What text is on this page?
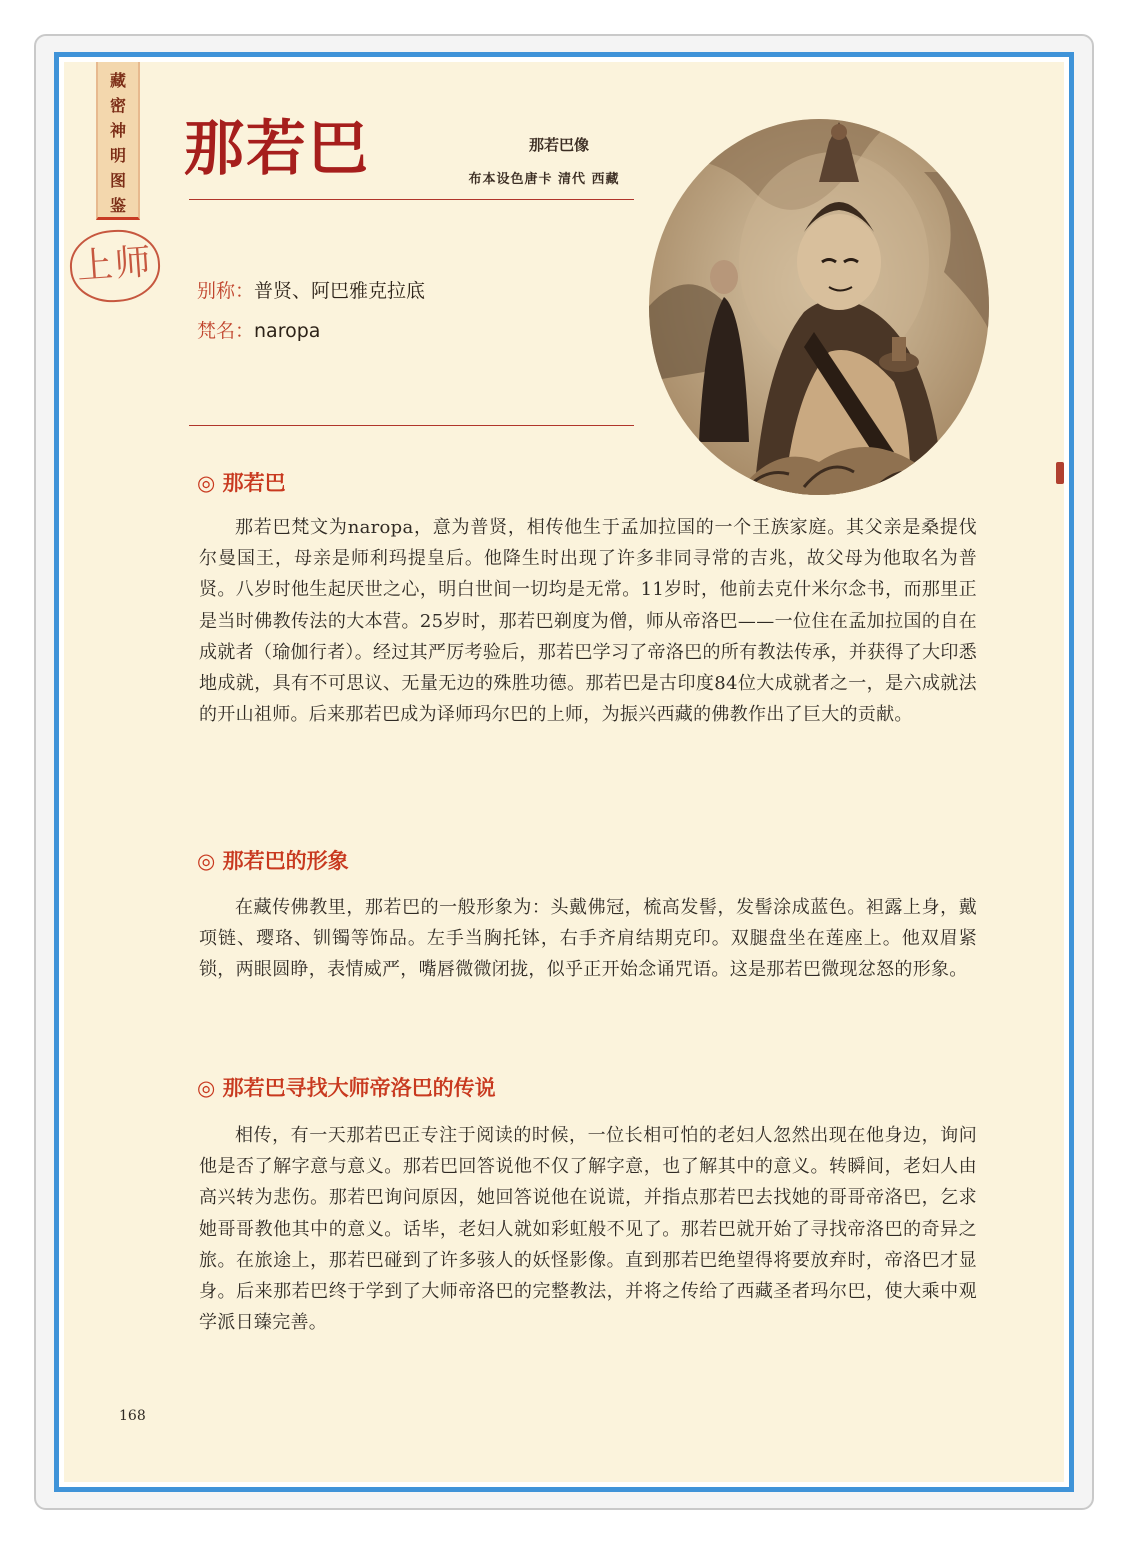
藏密神明图鉴
上师
那若巴	那若巴像
布本设色唐卡 清代 西藏
别称：普贤、阿巴雅克拉底
梵名：naropa
◎ 那若巴

那若巴梵文为naropa，意为普贤，相传他生于孟加拉国的一个王族家庭。其父亲是桑提伐尔曼国王，母亲是师利玛提皇后。他降生时出现了许多非同寻常的吉兆，故父母为他取名为普贤。八岁时他生起厌世之心，明白世间一切均是无常。11岁时，他前去克什米尔念书，而那里正是当时佛教传法的大本营。25岁时，那若巴剃度为僧，师从帝洛巴——一位住在孟加拉国的自在成就者（瑜伽行者）。经过其严厉考验后，那若巴学习了帝洛巴的所有教法传承，并获得了大印悉地成就，具有不可思议、无量无边的殊胜功德。那若巴是古印度84位大成就者之一，是六成就法的开山祖师。后来那若巴成为译师玛尔巴的上师，为振兴西藏的佛教作出了巨大的贡献。

◎ 那若巴的形象

在藏传佛教里，那若巴的一般形象为：头戴佛冠，梳高发髻，发髻涂成蓝色。袒露上身，戴项链、璎珞、钏镯等饰品。左手当胸托钵，右手齐肩结期克印。双腿盘坐在莲座上。他双眉紧锁，两眼圆睁，表情威严，嘴唇微微闭拢，似乎正开始念诵咒语。这是那若巴微现忿怒的形象。

◎ 那若巴寻找大师帝洛巴的传说

相传，有一天那若巴正专注于阅读的时候，一位长相可怕的老妇人忽然出现在他身边，询问他是否了解字意与意义。那若巴回答说他不仅了解字意，也了解其中的意义。转瞬间，老妇人由高兴转为悲伤。那若巴询问原因，她回答说他在说谎，并指点那若巴去找她的哥哥帝洛巴，乞求她哥哥教他其中的意义。话毕，老妇人就如彩虹般不见了。那若巴就开始了寻找帝洛巴的奇异之旅。在旅途上，那若巴碰到了许多骇人的妖怪影像。直到那若巴绝望得将要放弃时，帝洛巴才显身。后来那若巴终于学到了大师帝洛巴的完整教法，并将之传给了西藏圣者玛尔巴，使大乘中观学派日臻完善。

168
